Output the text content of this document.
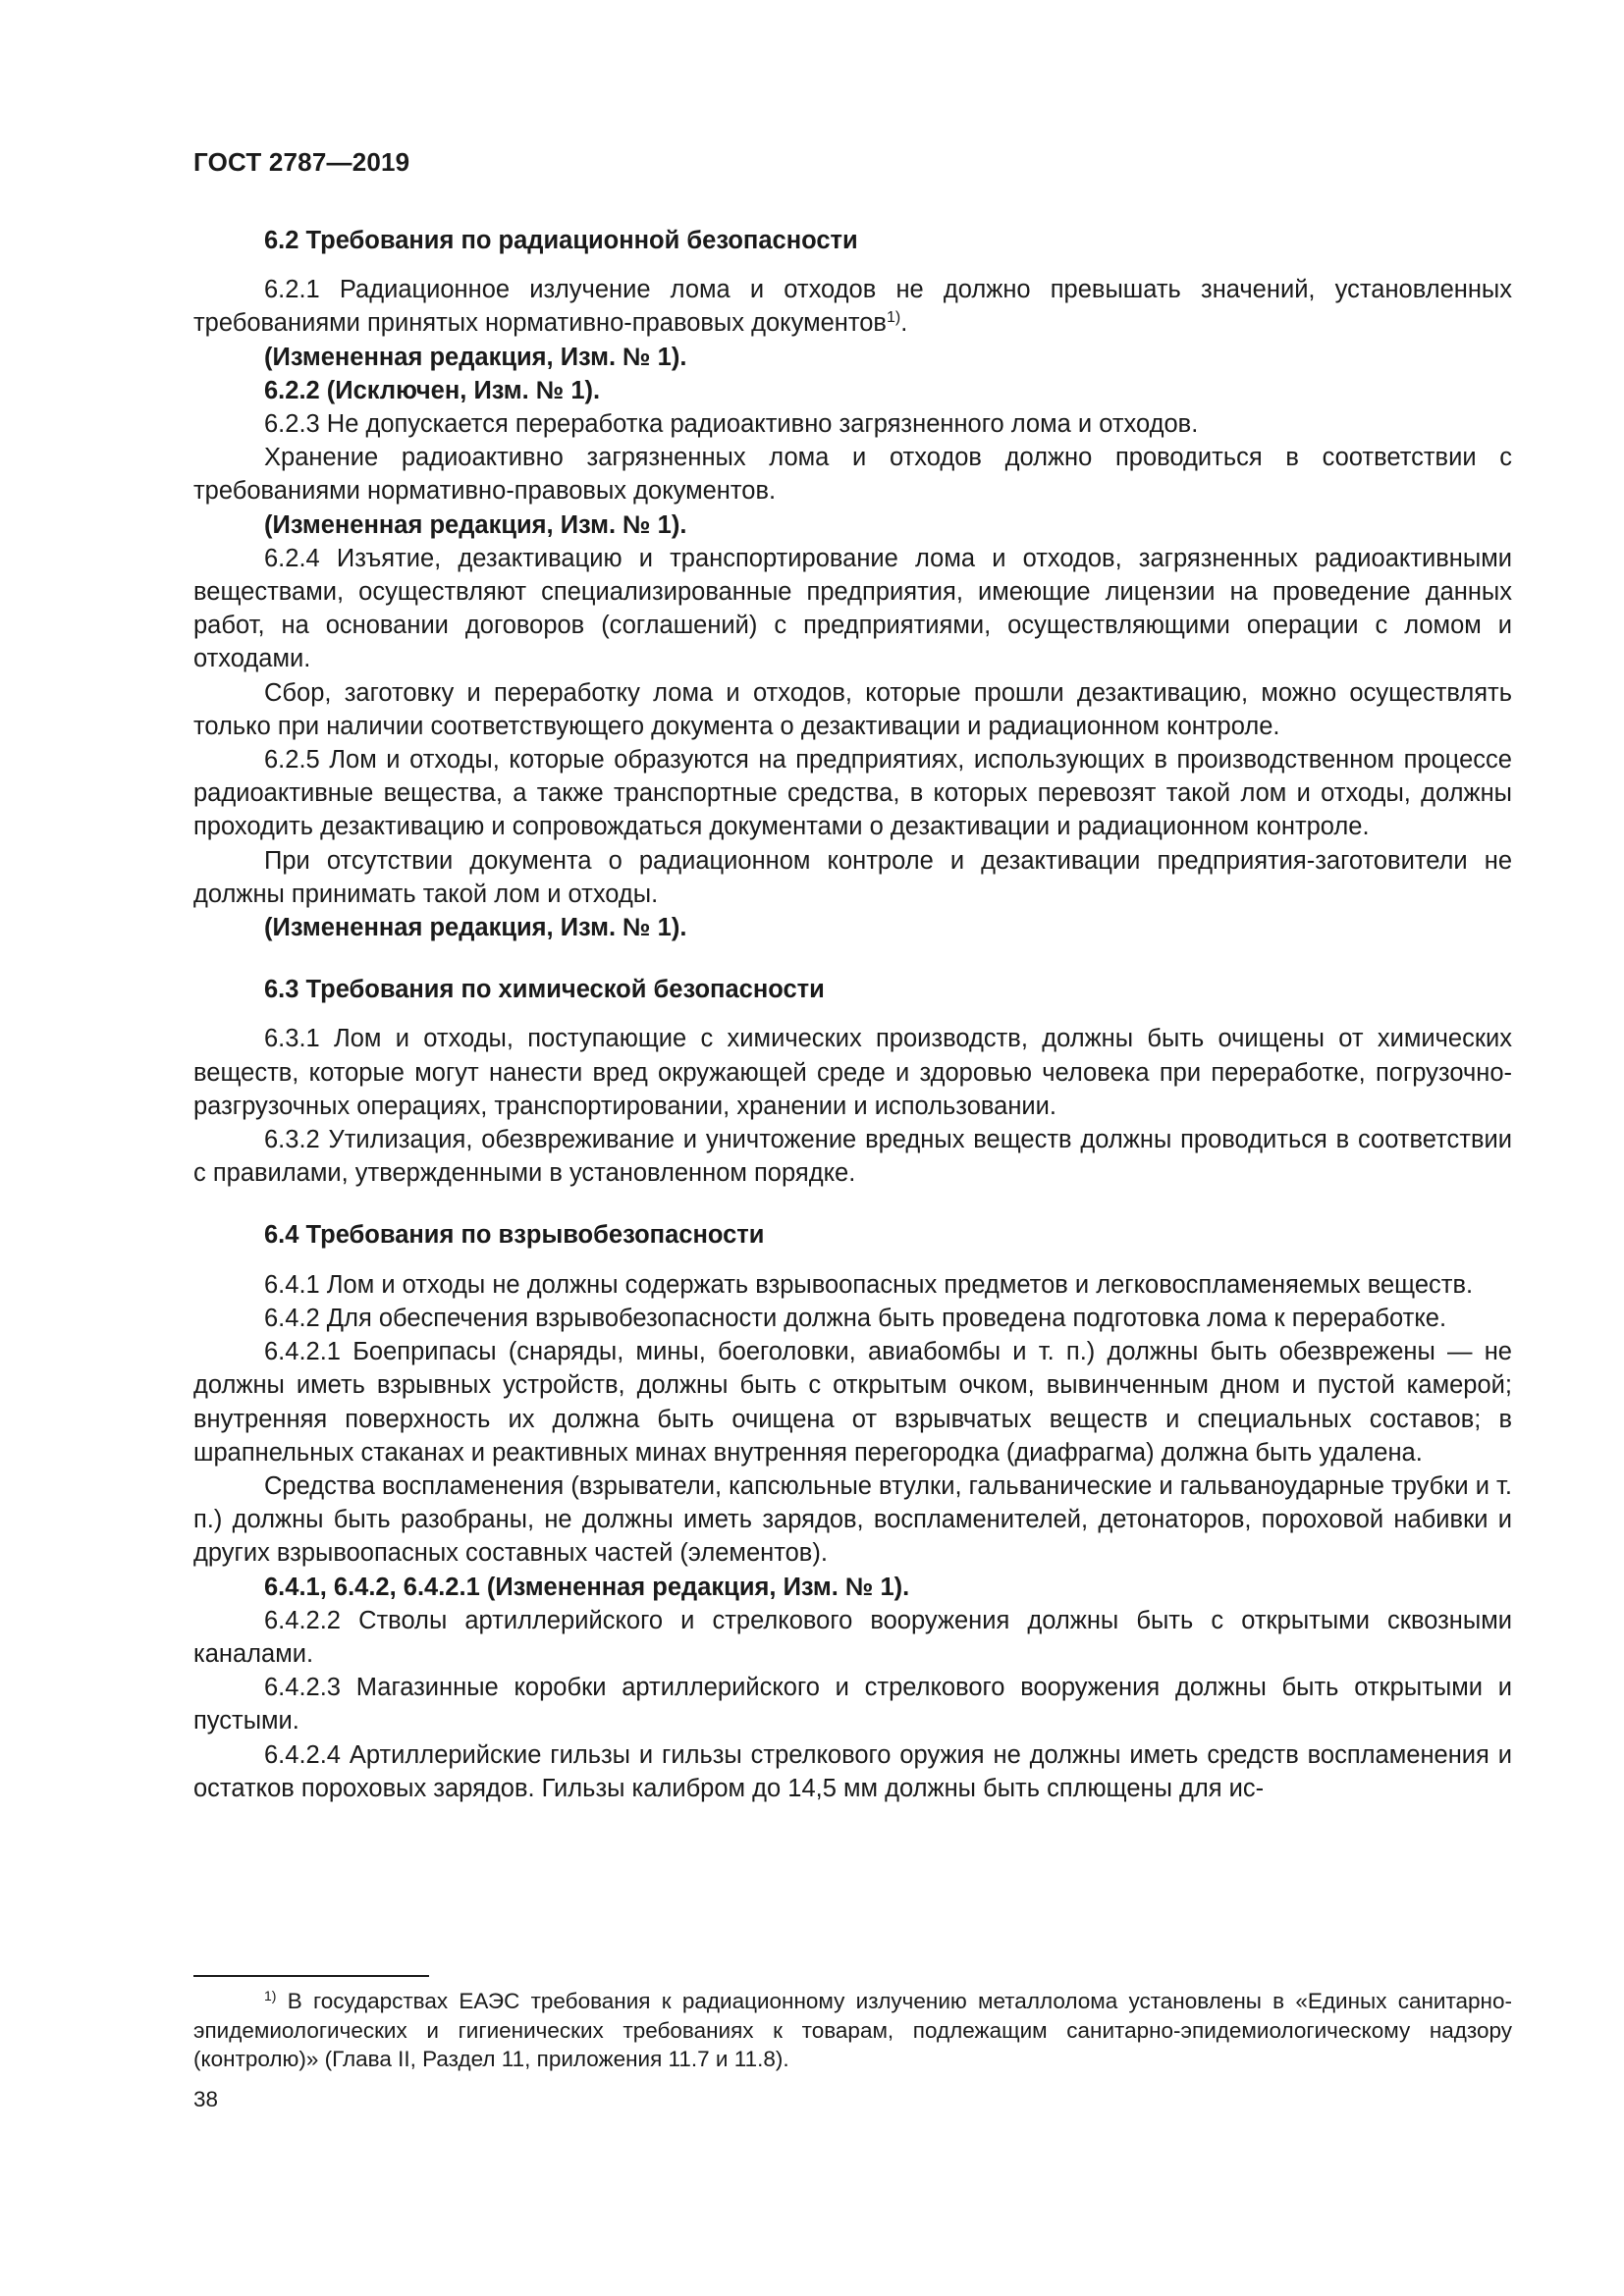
ГОСТ 2787—2019
6.2 Требования по радиационной безопасности

6.2.1 Радиационное излучение лома и отходов не должно превышать значений, установленных требованиями принятых нормативно-правовых документов$^{1)}$.

(Измененная редакция, Изм. № 1).

6.2.2 (Исключен, Изм. № 1).

6.2.3 Не допускается переработка радиоактивно загрязненного лома и отходов.

Хранение радиоактивно загрязненных лома и отходов должно проводиться в соответствии с требованиями нормативно-правовых документов.

(Измененная редакция, Изм. № 1).

6.2.4 Изъятие, дезактивацию и транспортирование лома и отходов, загрязненных радиоактивными веществами, осуществляют специализированные предприятия, имеющие лицензии на проведение данных работ, на основании договоров (соглашений) с предприятиями, осуществляющими операции с ломом и отходами.

Сбор, заготовку и переработку лома и отходов, которые прошли дезактивацию, можно осуществлять только при наличии соответствующего документа о дезактивации и радиационном контроле.

6.2.5 Лом и отходы, которые образуются на предприятиях, использующих в производственном процессе радиоактивные вещества, а также транспортные средства, в которых перевозят такой лом и отходы, должны проходить дезактивацию и сопровождаться документами о дезактивации и радиационном контроле.

При отсутствии документа о радиационном контроле и дезактивации предприятия-заготовители не должны принимать такой лом и отходы.

(Измененная редакция, Изм. № 1).

6.3 Требования по химической безопасности

6.3.1 Лом и отходы, поступающие с химических производств, должны быть очищены от химических веществ, которые могут нанести вред окружающей среде и здоровью человека при переработке, погрузочно-разгрузочных операциях, транспортировании, хранении и использовании.

6.3.2 Утилизация, обезвреживание и уничтожение вредных веществ должны проводиться в соответствии с правилами, утвержденными в установленном порядке.

6.4 Требования по взрывобезопасности

6.4.1 Лом и отходы не должны содержать взрывоопасных предметов и легковоспламеняемых веществ.

6.4.2 Для обеспечения взрывобезопасности должна быть проведена подготовка лома к переработке.

6.4.2.1 Боеприпасы (снаряды, мины, боеголовки, авиабомбы и т. п.) должны быть обезврежены — не должны иметь взрывных устройств, должны быть с открытым очком, вывинченным дном и пустой камерой; внутренняя поверхность их должна быть очищена от взрывчатых веществ и специальных составов; в шрапнельных стаканах и реактивных минах внутренняя перегородка (диафрагма) должна быть удалена.

Средства воспламенения (взрыватели, капсюльные втулки, гальванические и гальваноударные трубки и т. п.) должны быть разобраны, не должны иметь зарядов, воспламенителей, детонаторов, пороховой набивки и других взрывоопасных составных частей (элементов).

6.4.1, 6.4.2, 6.4.2.1 (Измененная редакция, Изм. № 1).

6.4.2.2 Стволы артиллерийского и стрелкового вооружения должны быть с открытыми сквозными каналами.

6.4.2.3 Магазинные коробки артиллерийского и стрелкового вооружения должны быть открытыми и пустыми.

6.4.2.4 Артиллерийские гильзы и гильзы стрелкового оружия не должны иметь средств воспламенения и остатков пороховых зарядов. Гильзы калибром до 14,5 мм должны быть сплющены для ис-

$^{1)}$ В государствах ЕАЭС требования к радиационному излучению металлолома установлены в «Единых санитарно-эпидемиологических и гигиенических требованиях к товарам, подлежащим санитарно-эпидемиологическому надзору (контролю)» (Глава II, Раздел 11, приложения 11.7 и 11.8).
38
